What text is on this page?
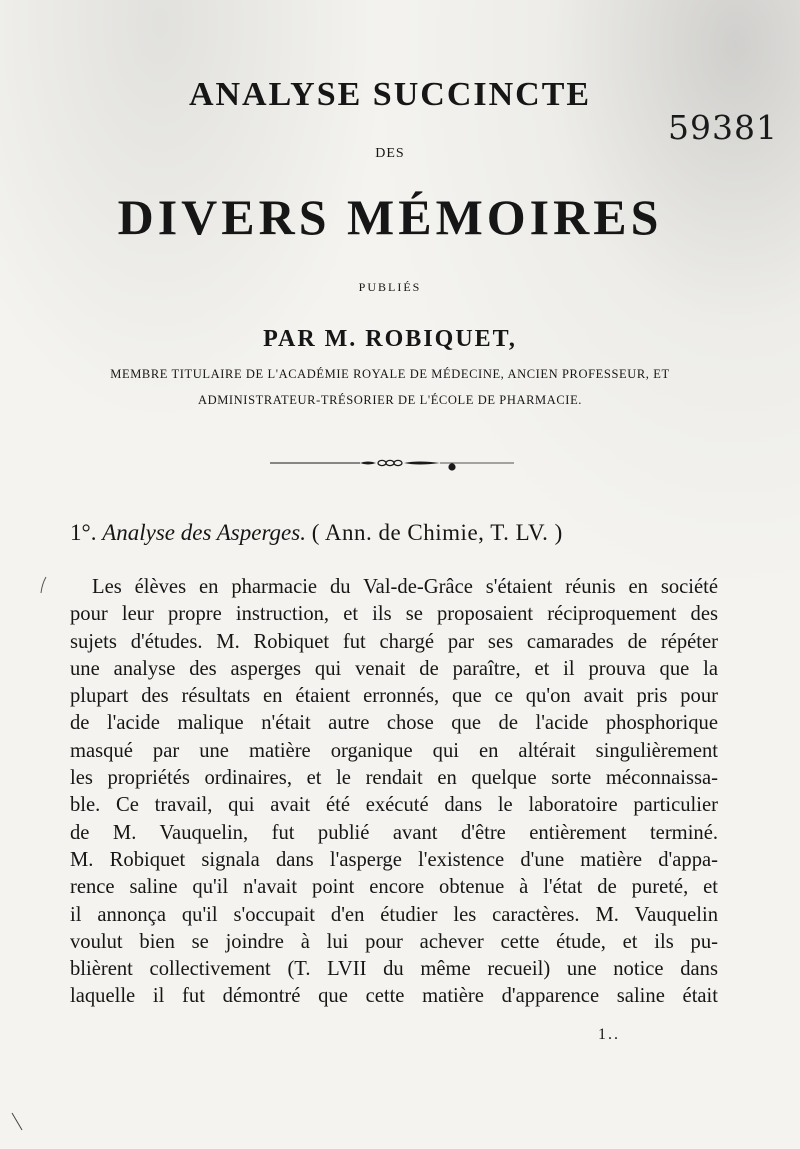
59381
ANALYSE SUCCINCTE
DES
DIVERS MÉMOIRES
PUBLIÉS
PAR M. ROBIQUET,
MEMBRE TITULAIRE DE L'ACADÉMIE ROYALE DE MÉDECINE, ANCIEN PROFESSEUR, ET
ADMINISTRATEUR-TRÉSORIER DE L'ÉCOLE DE PHARMACIE.
1°. Analyse des Asperges. ( Ann. de Chimie, T. LV. )
Les élèves en pharmacie du Val-de-Grâce s'étaient réunis en société
pour leur propre instruction, et ils se proposaient réciproquement des
sujets d'études. M. Robiquet fut chargé par ses camarades de répéter
une analyse des asperges qui venait de paraître, et il prouva que la
plupart des résultats en étaient erronnés, que ce qu'on avait pris pour
de l'acide malique n'était autre chose que de l'acide phosphorique
masqué par une matière organique qui en altérait singulièrement
les propriétés ordinaires, et le rendait en quelque sorte méconnaissa-
ble. Ce travail, qui avait été exécuté dans le laboratoire particulier
de M. Vauquelin, fut publié avant d'être entièrement terminé.
M. Robiquet signala dans l'asperge l'existence d'une matière d'appa-
rence saline qu'il n'avait point encore obtenue à l'état de pureté, et
il annonça qu'il s'occupait d'en étudier les caractères. M. Vauquelin
voulut bien se joindre à lui pour achever cette étude, et ils pu-
blièrent collectivement (T. LVII du même recueil) une notice dans
laquelle il fut démontré que cette matière d'apparence saline était
1..
